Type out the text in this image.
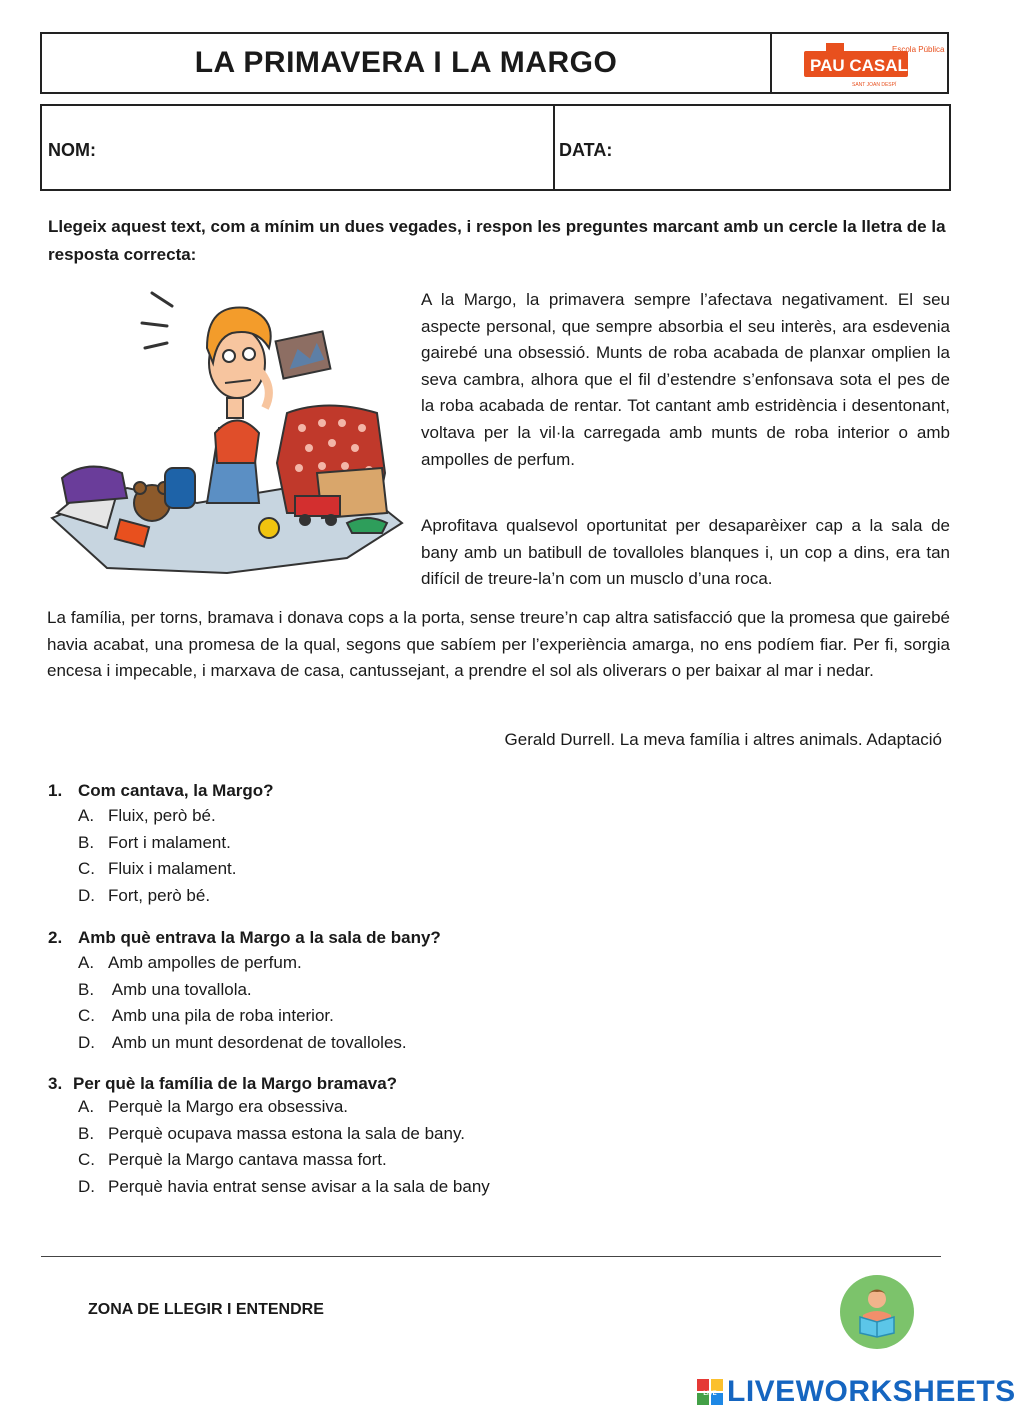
LA PRIMAVERA I LA MARGO	Escola Pública
PAU CASALS
SANT JOAN DESPÍ
NOM:	DATA:
Llegeix aquest text, com a mínim un dues vegades, i respon les preguntes marcant amb un cercle la lletra de la resposta correcta:
A la Margo, la primavera sempre l’afectava negativament. El seu aspecte personal, que sempre absorbia el seu interès, ara esdevenia gairebé una obsessió. Munts de roba acabada de planxar omplien la seva cambra, alhora que el fil d’estendre s’enfonsava sota el pes de la roba acabada de rentar. Tot cantant amb estridència i desentonant, voltava per la vil·la carregada amb munts de roba interior o amb ampolles de perfum.
Aprofitava qualsevol oportunitat per desaparèixer cap a la sala de bany amb un batibull de tovalloles blanques i, un cop a dins, era tan difícil de treure-la’n com un musclo d’una roca.
La família, per torns, bramava i donava cops a la porta, sense treure’n cap altra satisfacció que la promesa que gairebé havia acabat, una promesa de la qual, segons que sabíem per l’experiència amarga, no ens podíem fiar. Per fi, sorgia encesa i impecable, i marxava de casa, cantussejant, a prendre el sol als oliverars o per baixar al mar i nedar.
Gerald Durrell. La meva família i altres animals. Adaptació
1. Com cantava, la Margo?
A. Fluix, però bé.
B. Fort i malament.
C. Fluix i malament.
D. Fort, però bé.
2. Amb què entrava la Margo a la sala de bany?
A. Amb ampolles de perfum.
B. Amb una tovallola.
C. Amb una pila de roba interior.
D. Amb un munt desordenat de tovalloles.
3. Per què la família de la Margo bramava?
A. Perquè la Margo era obsessiva.
B. Perquè ocupava massa estona la sala de bany.
C. Perquè la Margo cantava massa fort.
D. Perquè havia entrat sense avisar a la sala de bany
ZONA DE LLEGIR I ENTENDRE
LIVE LIVEWORKSHEETS
